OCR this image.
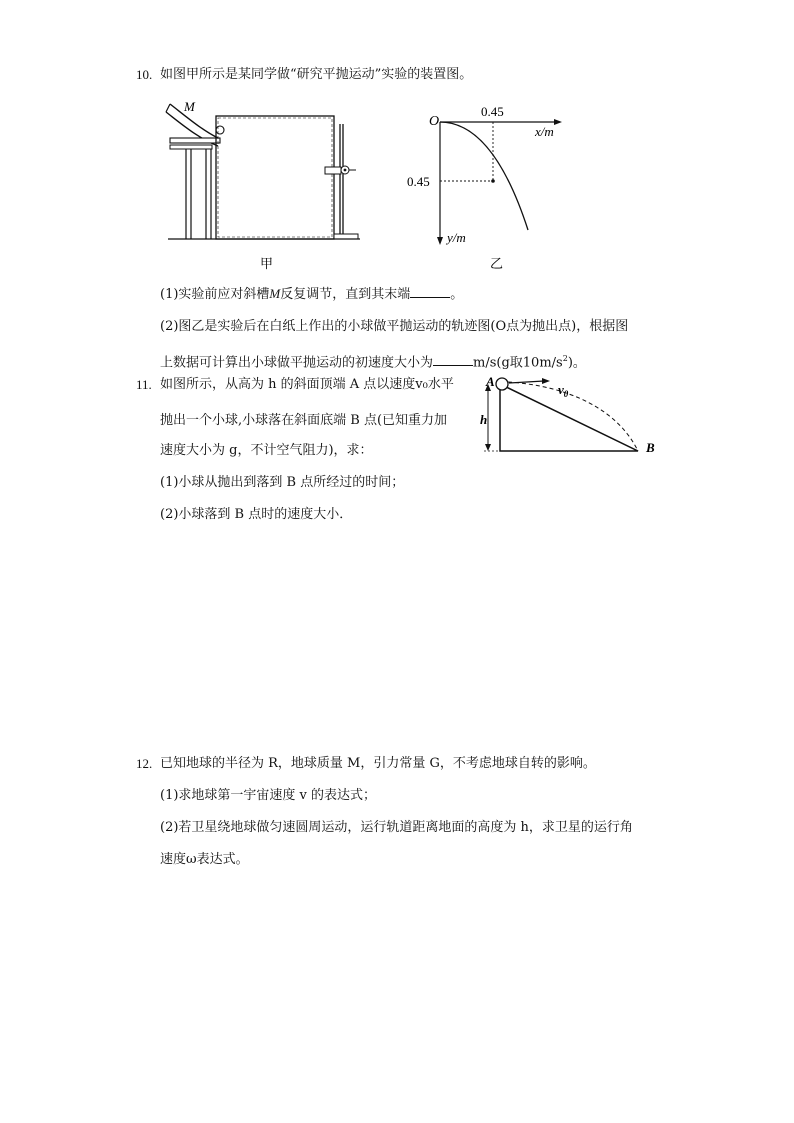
10. 如图甲所示是某同学做“研究平抛运动”实验的装置图。
M
甲
O
0.45
0.45
x/m
y/m
乙
(1)实验前应对斜槽M反复调节，直到其末端	。
(2)图乙是实验后在白纸上作出的小球做平抛运动的轨迹图(O点为抛出点)，根据图
上数据可计算出小球做平抛运动的初速度大小为	m/s(g取$10m/s^2$)。
11. 如图所示，从高为 h 的斜面顶端 A 点以速度v₀水平
抛出一个小球,小球落在斜面底端 B 点(已知重力加
速度大小为 g，不计空气阻力)，求：
(1)小球从抛出到落到 B 点所经过的时间；
(2)小球落到 B 点时的速度大小．
A
h
B
$v_0$
12. 已知地球的半径为 R，地球质量 M，引力常量 G，不考虑地球自转的影响。
(1)求地球第一宇宙速度 v 的表达式；
(2)若卫星绕地球做匀速圆周运动，运行轨道距离地面的高度为 h，求卫星的运行角
速度ω表达式。
